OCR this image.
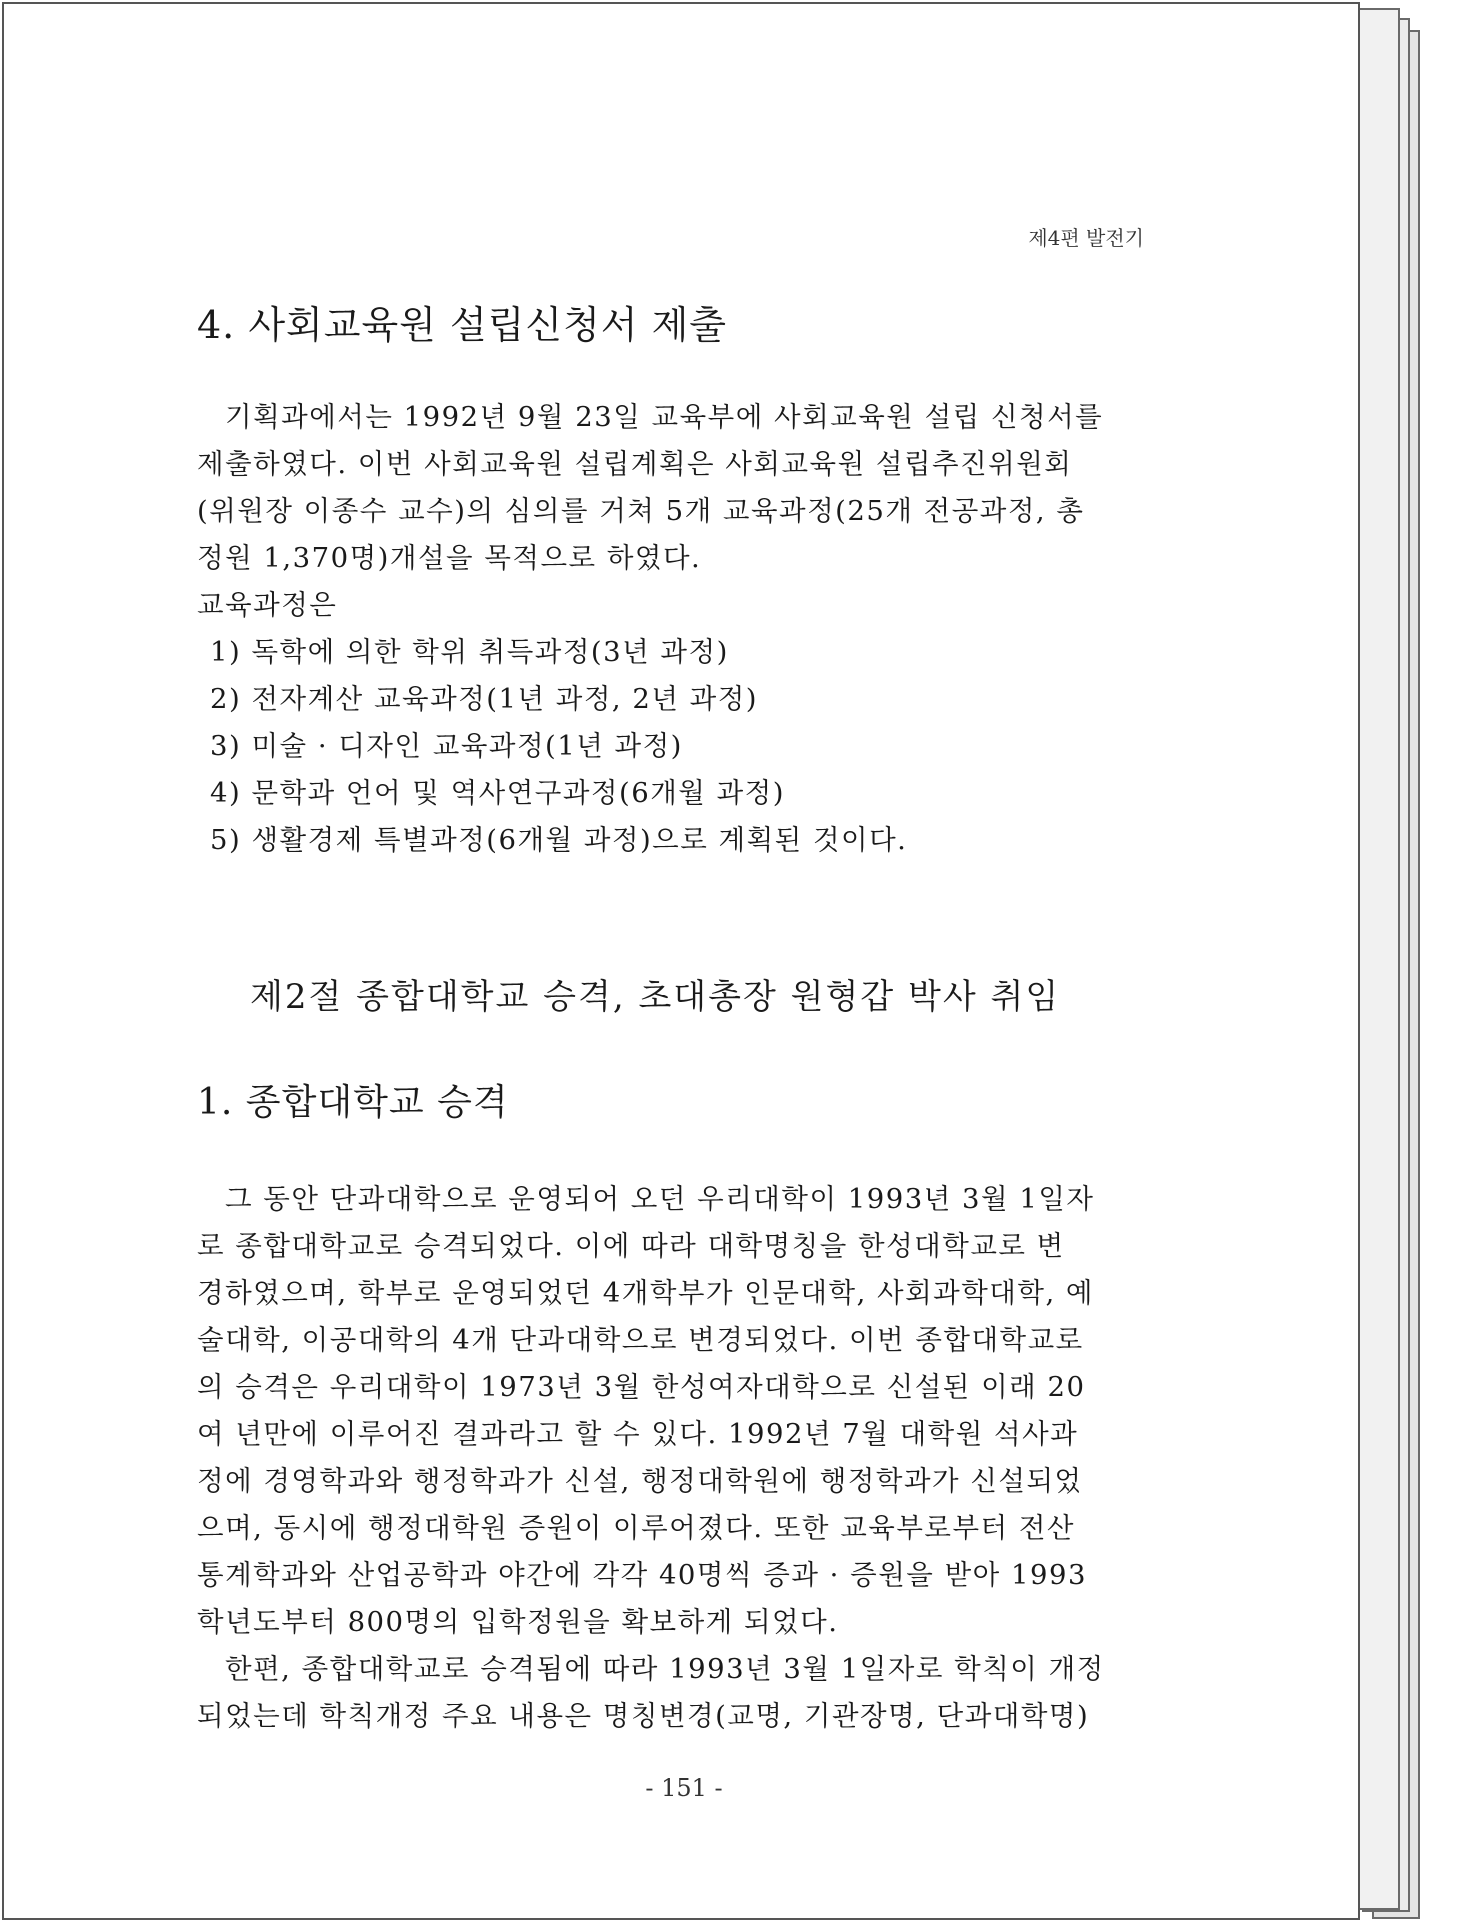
제4편 발전기
4. 사회교육원 설립신청서 제출

기획과에서는 1992년 9월 23일 교육부에 사회교육원 설립 신청서를
제출하였다. 이번 사회교육원 설립계획은 사회교육원 설립추진위원회
(위원장 이종수 교수)의 심의를 거쳐 5개 교육과정(25개 전공과정, 총
정원 1,370명)개설을 목적으로 하였다.
교육과정은

1) 독학에 의한 학위 취득과정(3년 과정)
2) 전자계산 교육과정(1년 과정, 2년 과정)
3) 미술 · 디자인 교육과정(1년 과정)
4) 문학과 언어 및 역사연구과정(6개월 과정)
5) 생활경제 특별과정(6개월 과정)으로 계획된 것이다.
제2절 종합대학교 승격, 초대총장 원형갑 박사 취임
1. 종합대학교 승격

그 동안 단과대학으로 운영되어 오던 우리대학이 1993년 3월 1일자
로 종합대학교로 승격되었다. 이에 따라 대학명칭을 한성대학교로 변
경하였으며, 학부로 운영되었던 4개학부가 인문대학, 사회과학대학, 예
술대학, 이공대학의 4개 단과대학으로 변경되었다. 이번 종합대학교로
의 승격은 우리대학이 1973년 3월 한성여자대학으로 신설된 이래 20
여 년만에 이루어진 결과라고 할 수 있다. 1992년 7월 대학원 석사과
정에 경영학과와 행정학과가 신설, 행정대학원에 행정학과가 신설되었
으며, 동시에 행정대학원 증원이 이루어졌다. 또한 교육부로부터 전산
통계학과와 산업공학과 야간에 각각 40명씩 증과 · 증원을 받아 1993
학년도부터 800명의 입학정원을 확보하게 되었다.
한편, 종합대학교로 승격됨에 따라 1993년 3월 1일자로 학칙이 개정
되었는데 학칙개정 주요 내용은 명칭변경(교명, 기관장명, 단과대학명)

- 151 -
